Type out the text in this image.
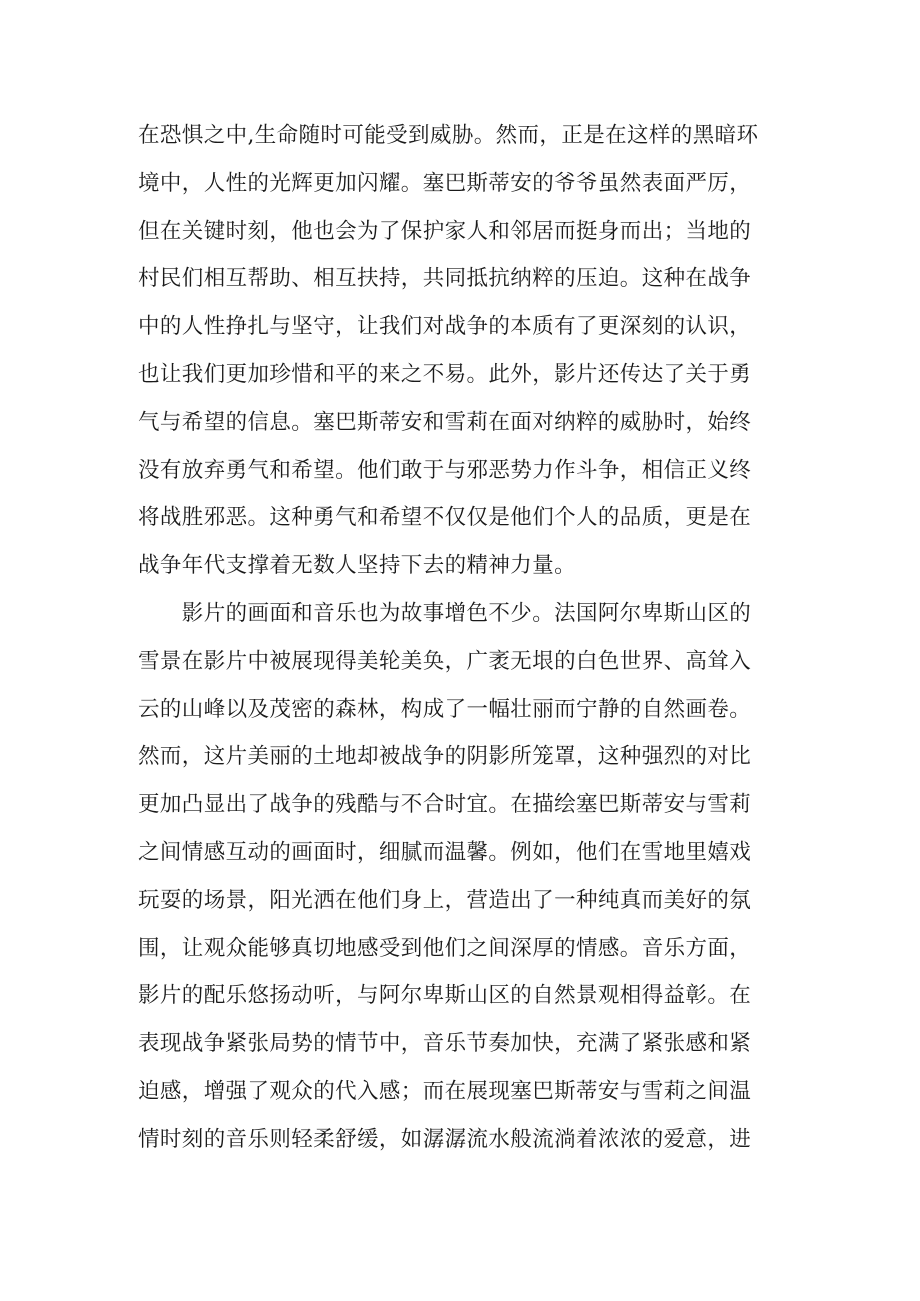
在恐惧之中,生命随时可能受到威胁。然而，正是在这样的黑暗环
境中，人性的光辉更加闪耀。塞巴斯蒂安的爷爷虽然表面严厉，
但在关键时刻，他也会为了保护家人和邻居而挺身而出；当地的
村民们相互帮助、相互扶持，共同抵抗纳粹的压迫。这种在战争
中的人性挣扎与坚守，让我们对战争的本质有了更深刻的认识，
也让我们更加珍惜和平的来之不易。此外，影片还传达了关于勇
气与希望的信息。塞巴斯蒂安和雪莉在面对纳粹的威胁时，始终
没有放弃勇气和希望。他们敢于与邪恶势力作斗争，相信正义终
将战胜邪恶。这种勇气和希望不仅仅是他们个人的品质，更是在
战争年代支撑着无数人坚持下去的精神力量。
　　影片的画面和音乐也为故事增色不少。法国阿尔卑斯山区的
雪景在影片中被展现得美轮美奂，广袤无垠的白色世界、高耸入
云的山峰以及茂密的森林，构成了一幅壮丽而宁静的自然画卷。
然而，这片美丽的土地却被战争的阴影所笼罩，这种强烈的对比
更加凸显出了战争的残酷与不合时宜。在描绘塞巴斯蒂安与雪莉
之间情感互动的画面时，细腻而温馨。例如，他们在雪地里嬉戏
玩耍的场景，阳光洒在他们身上，营造出了一种纯真而美好的氛
围，让观众能够真切地感受到他们之间深厚的情感。音乐方面，
影片的配乐悠扬动听，与阿尔卑斯山区的自然景观相得益彰。在
表现战争紧张局势的情节中，音乐节奏加快，充满了紧张感和紧
迫感，增强了观众的代入感；而在展现塞巴斯蒂安与雪莉之间温
情时刻的音乐则轻柔舒缓，如潺潺流水般流淌着浓浓的爱意，进
